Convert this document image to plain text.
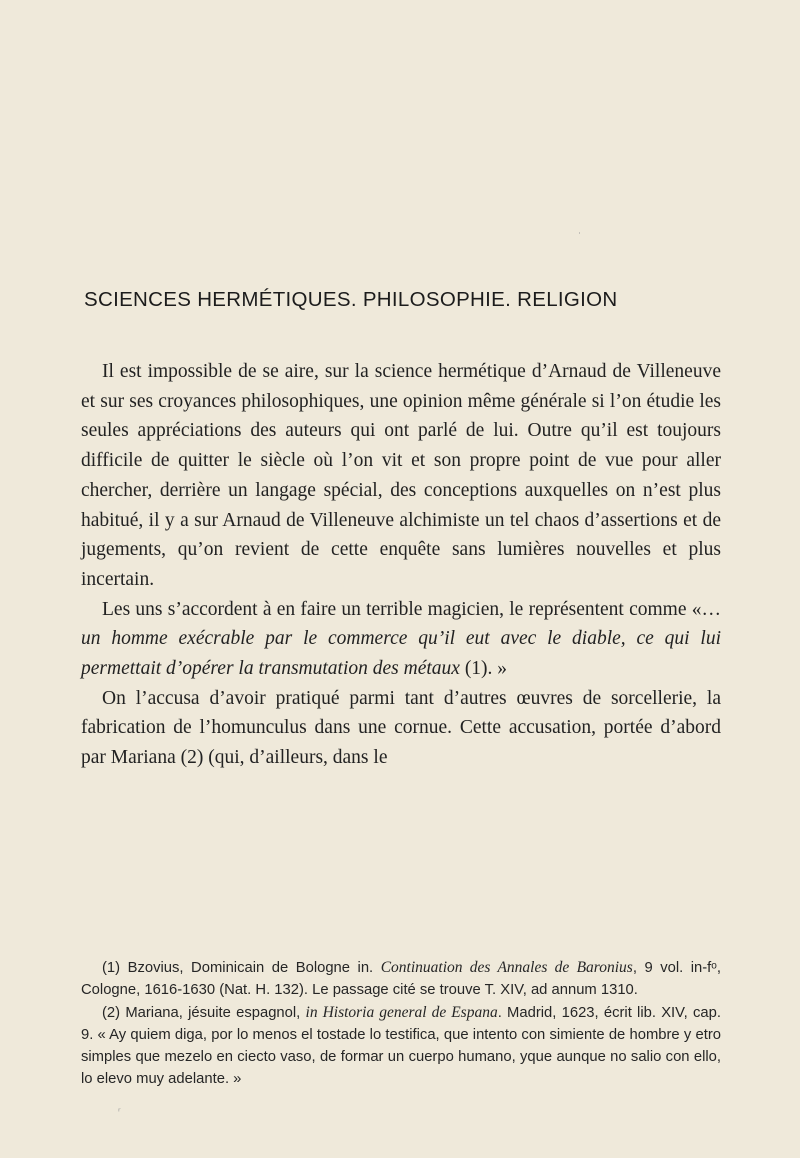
SCIENCES HERMÉTIQUES. PHILOSOPHIE. RELIGION

Il est impossible de se aire, sur la science hermétique d’Arnaud de Villeneuve et sur ses croyances philosophiques, une opinion même générale si l’on étudie les seules appréciations des auteurs qui ont parlé de lui. Outre qu’il est toujours difficile de quitter le siècle où l’on vit et son propre point de vue pour aller chercher, derrière un langage spécial, des conceptions auxquelles on n’est plus habitué, il y a sur Arnaud de Villeneuve alchimiste un tel chaos d’assertions et de jugements, qu’on revient de cette enquête sans lumières nouvelles et plus incertain.

Les uns s’accordent à en faire un terrible magicien, le représentent comme «… un homme exécrable par le commerce qu’il eut avec le diable, ce qui lui permettait d’opérer la transmutation des métaux (1). »

On l’accusa d’avoir pratiqué parmi tant d’autres œuvres de sorcellerie, la fabrication de l’homunculus dans une cornue. Cette accusation, portée d’abord par Mariana (2) (qui, d’ailleurs, dans le

(1) Bzovius, Dominicain de Bologne in. Continuation des Annales de Baronius, 9 vol. in-fᵒ, Cologne, 1616-1630 (Nat. H. 132). Le passage cité se trouve T. XIV, ad annum 1310.

(2) Mariana, jésuite espagnol, in Historia general de Espana. Madrid, 1623, écrit lib. XIV, cap. 9. « Ay quiem diga, por lo menos el tostade lo testifica, que intento con simiente de hombre y etro simples que mezelo en ciecto vaso, de formar un cuerpo humano, yque aunque no salio con ello, lo elevo muy adelante. »

˙
ʳ
